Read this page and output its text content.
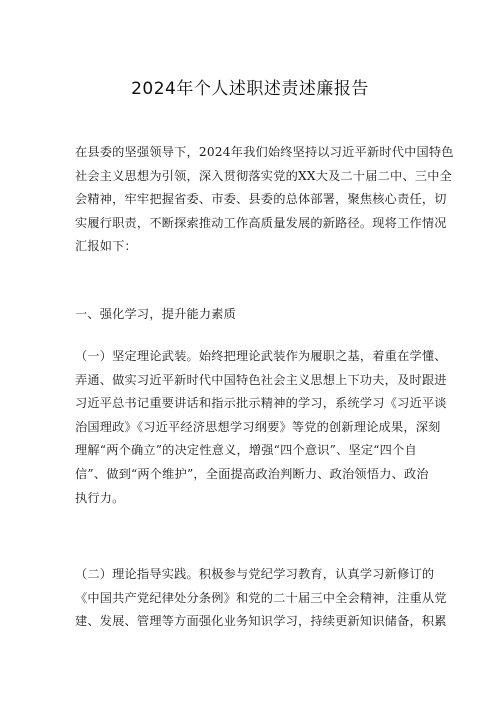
2024年个人述职述责述廉报告

在县委的坚强领导下，2024年我们始终坚持以习近平新时代中国特色

社会主义思想为引领，深入贯彻落实党的XX大及二十届二中、三中全

会精神，牢牢把握省委、市委、县委的总体部署，聚焦核心责任，切

实履行职责，不断探索推动工作高质量发展的新路径。现将工作情况

汇报如下：

一、强化学习，提升能力素质

（一）坚定理论武装。始终把理论武装作为履职之基，着重在学懂、

弄通、做实习近平新时代中国特色社会主义思想上下功夫，及时跟进

习近平总书记重要讲话和指示批示精神的学习，系统学习《习近平谈

治国理政》《习近平经济思想学习纲要》等党的创新理论成果，深刻

理解“两个确立”的决定性意义，增强“四个意识”、坚定“四个自

信”、做到“两个维护”，全面提高政治判断力、政治领悟力、政治

执行力。

（二）理论指导实践。积极参与党纪学习教育，认真学习新修订的

《中国共产党纪律处分条例》和党的二十届三中全会精神，注重从党

建、发展、管理等方面强化业务知识学习，持续更新知识储备，积累
